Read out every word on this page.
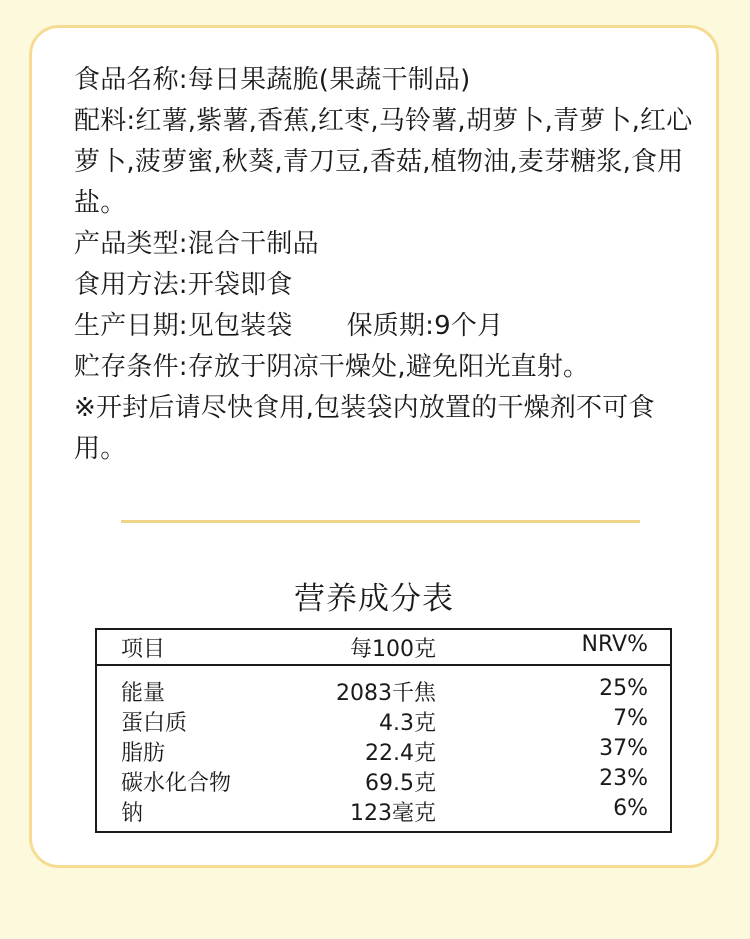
食品名称:每日果蔬脆(果蔬干制品)

配料:红薯,紫薯,香蕉,红枣,马铃薯,胡萝卜,青萝卜,红心萝卜,菠萝蜜,秋葵,青刀豆,香菇,植物油,麦芽糖浆,食用盐。

产品类型:混合干制品

食用方法:开袋即食

生产日期:见包装袋 保质期:9个月

贮存条件:存放于阴凉干燥处,避免阳光直射。

※开封后请尽快食用,包装袋内放置的干燥剂不可食用。

营养成分表
项目	每100克	NRV%
能量	2083千焦	25%
蛋白质	4.3克	7%
脂肪	22.4克	37%
碳水化合物	69.5克	23%
钠	123毫克	6%
